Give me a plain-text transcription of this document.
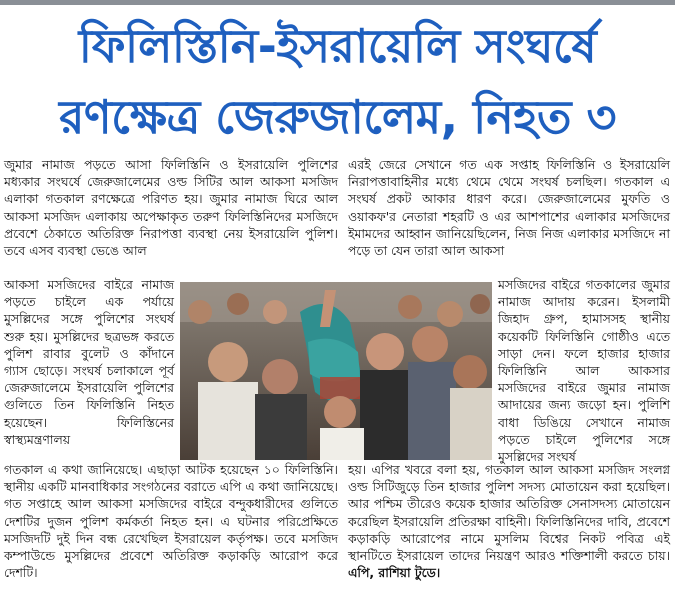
ফিলিস্তিনি-ইসরায়েলি সংঘর্ষে
রণক্ষেত্র জেরুজালেম, নিহত ৩

জুমার নামাজ পড়তে আসা ফিলিস্তিনি ও ইসরায়েলি পুলিশের মধ্যকার সংঘর্ষে জেরুজালেমের ওল্ড সিটির আল আকসা মসজিদ এলাকা গতকাল রণক্ষেত্রে পরিণত হয়। জুমার নামাজ ঘিরে আল আকসা মসজিদ এলাকায় অপেক্ষাকৃত তরুণ ফিলিস্তিনিদের মসজিদে প্রবেশে ঠেকাতে অতিরিক্ত নিরাপত্তা ব্যবস্থা নেয় ইসরায়েলি পুলিশ। তবে এসব ব্যবস্থা ভেঙে আল

আকসা মসজিদের বাইরে নামাজ পড়তে চাইলে এক পর্যায়ে মুসল্লিদের সঙ্গে পুলিশের সংঘর্ষ শুরু হয়। মুসল্লিদের ছত্রভঙ্গ করতে পুলিশ রাবার বুলেট ও কাঁদানে গ্যাস ছোড়ে। সংঘর্ষ চলাকালে পূর্ব জেরুজালেমে ইসরায়েলি পুলিশের গুলিতে তিন ফিলিস্তিনি নিহত হয়েছেন। ফিলিস্তিনের স্বাস্থ্যমন্ত্রণালয়

গতকাল এ কথা জানিয়েছে। এছাড়া আটক হয়েছেন ১০ ফিলিস্তিনি। স্থানীয় একটি মানবাধিকার সংগঠনের বরাতে এপি এ কথা জানিয়েছে। গত সপ্তাহে আল আকসা মসজিদের বাইরে বন্দুকধারীদের গুলিতে দেশটির দুজন পুলিশ কর্মকর্তা নিহত হন। এ ঘটনার পরিপ্রেক্ষিতে মসজিদটি দুই দিন বন্ধ রেখেছিল ইসরায়েল কর্তৃপক্ষ। তবে মসজিদ কম্পাউন্ডে মুসল্লিদের প্রবেশে অতিরিক্ত কড়াকড়ি আরোপ করে দেশটি।

এরই জেরে সেখানে গত এক সপ্তাহ ফিলিস্তিনি ও ইসরায়েলি নিরাপত্তাবাহিনীর মধ্যে থেমে থেমে সংঘর্ষ চলছিল। গতকাল এ সংঘর্ষ প্রকট আকার ধারণ করে। জেরুজালেমের মুফতি ও ওয়াকফ'র নেতারা শহরটি ও এর আশপাশের এলাকার মসজিদের ইমামদের আহ্বান জানিয়েছিলেন, নিজ নিজ এলাকার মসজিদে না পড়ে তা যেন তারা আল আকসা

মসজিদের বাইরে গতকালের জুমার নামাজ আদায় করেন। ইসলামী জিহাদ গ্রুপ, হামাসসহ স্থানীয় কয়েকটি ফিলিস্তিনি গোষ্ঠীও এতে সাড়া দেন। ফলে হাজার হাজার ফিলিস্তিনি আল আকসার মসজিদের বাইরে জুমার নামাজ আদায়ের জন্য জড়ো হন। পুলিশি বাধা ডিঙিয়ে সেখানে নামাজ পড়তে চাইলে পুলিশের সঙ্গে মুসল্লিদের সংঘর্ষ

হয়। এপির খবরে বলা হয়, গতকাল আল আকসা মসজিদ সংলগ্ন ওল্ড সিটিজুড়ে তিন হাজার পুলিশ সদস্য মোতায়েন করা হয়েছিল। আর পশ্চিম তীরেও কয়েক হাজার অতিরিক্ত সেনাসদস্য মোতায়েন করেছিল ইসরায়েলি প্রতিরক্ষা বাহিনী। ফিলিস্তিনিদের দাবি, প্রবেশে কড়াকড়ি আরোপের নামে মুসলিম বিশ্বের নিকট পবিত্র এই স্থানটিতে ইসরায়েল তাদের নিয়ন্ত্রণ আরও শক্তিশালী করতে চায়। এপি, রাশিয়া টুডে।
